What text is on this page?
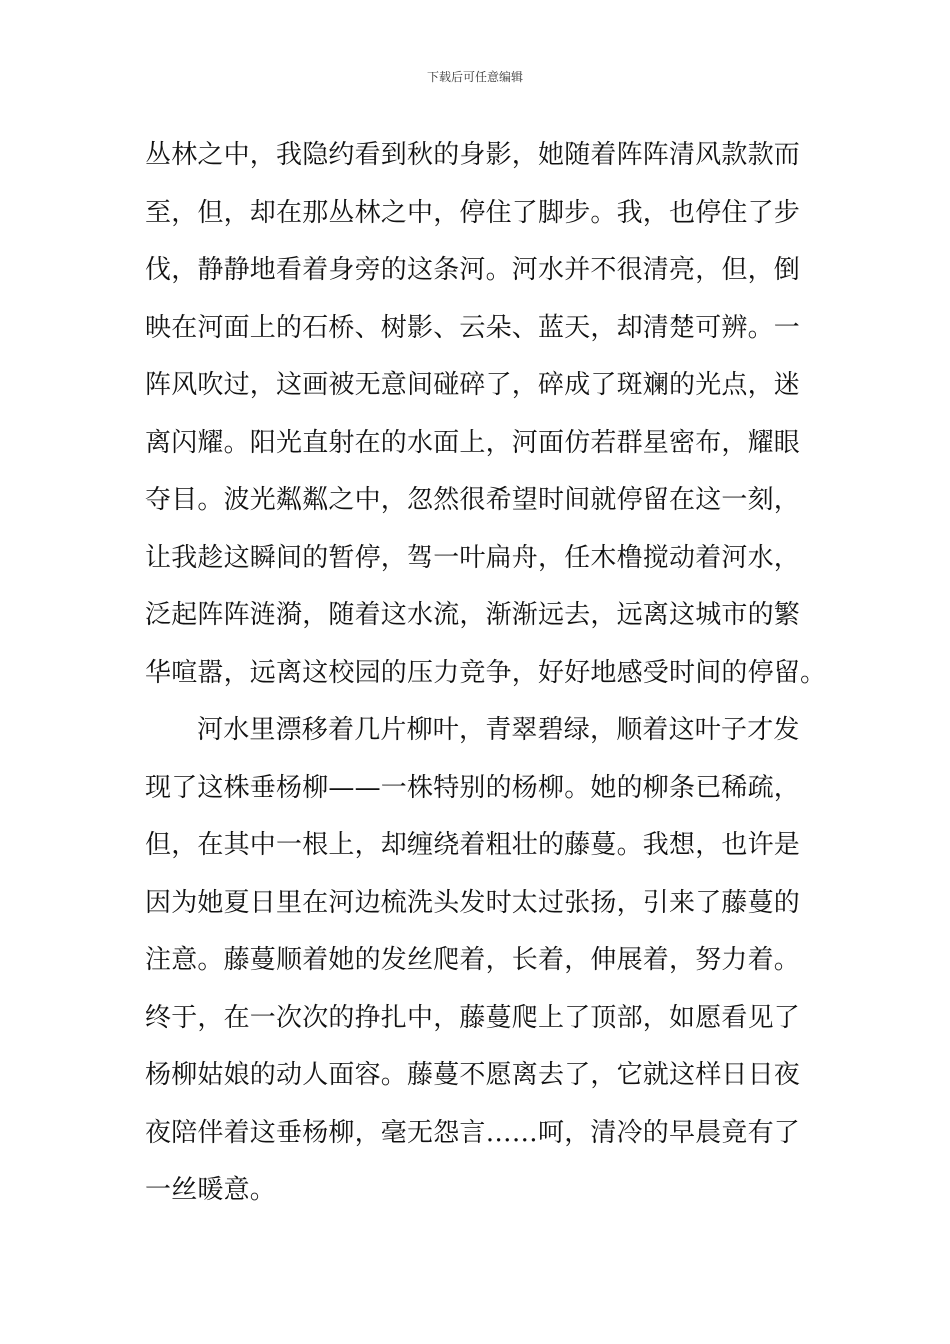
下载后可任意编辑
丛林之中，我隐约看到秋的身影，她随着阵阵清风款款而
至，但，却在那丛林之中，停住了脚步。我，也停住了步
伐，静静地看着身旁的这条河。河水并不很清亮，但，倒
映在河面上的石桥、树影、云朵、蓝天，却清楚可辨。一
阵风吹过，这画被无意间碰碎了，碎成了斑斓的光点，迷
离闪耀。阳光直射在的水面上，河面仿若群星密布，耀眼
夺目。波光粼粼之中，忽然很希望时间就停留在这一刻，
让我趁这瞬间的暂停，驾一叶扁舟，任木橹搅动着河水，
泛起阵阵涟漪，随着这水流，渐渐远去，远离这城市的繁
华喧嚣，远离这校园的压力竞争，好好地感受时间的停留。
河水里漂移着几片柳叶，青翠碧绿，顺着这叶子才发
现了这株垂杨柳——一株特别的杨柳。她的柳条已稀疏，
但，在其中一根上，却缠绕着粗壮的藤蔓。我想，也许是
因为她夏日里在河边梳洗头发时太过张扬，引来了藤蔓的
注意。藤蔓顺着她的发丝爬着，长着，伸展着，努力着。
终于，在一次次的挣扎中，藤蔓爬上了顶部，如愿看见了
杨柳姑娘的动人面容。藤蔓不愿离去了，它就这样日日夜
夜陪伴着这垂杨柳，毫无怨言……呵，清冷的早晨竟有了
一丝暖意。
